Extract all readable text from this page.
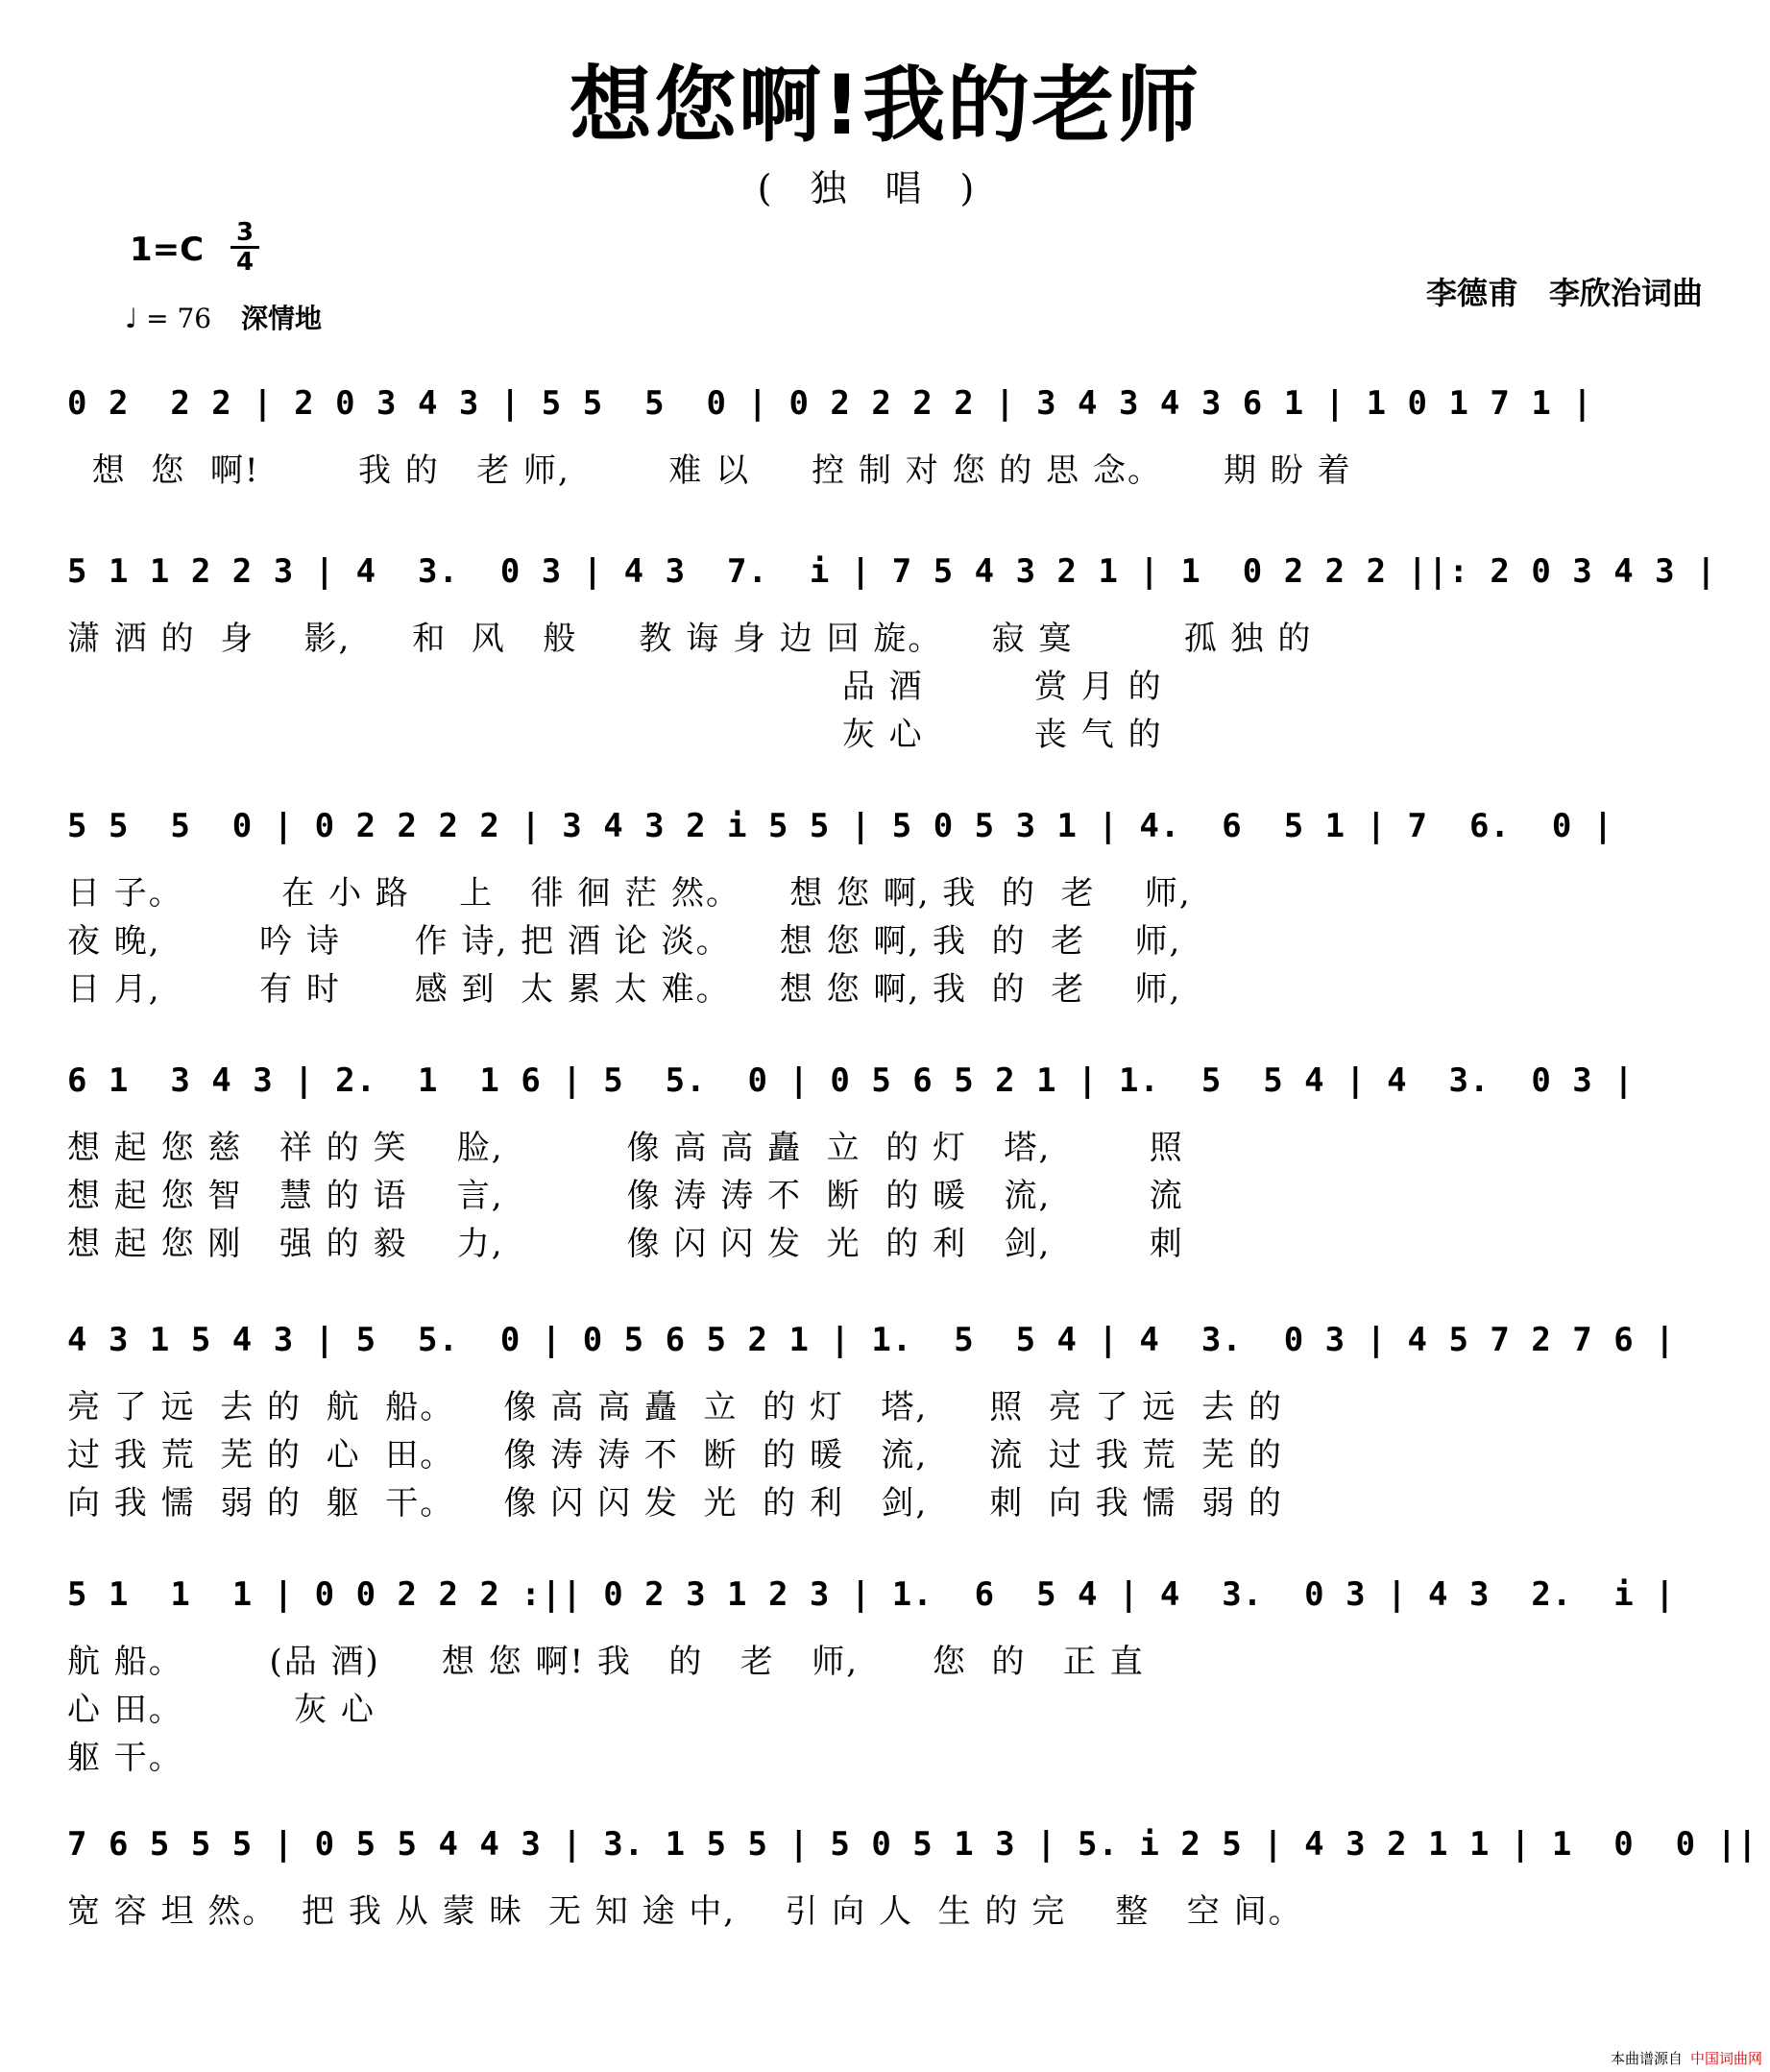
想您啊!我的老师
(独唱)
1=C 3
4
♩ = 76 深情地
李德甫　李欣治词曲
0 2  2 2 | 2 0 3 4 3 | 5 5  5  0 | 0 2 2 2 2 | 3 4 3 4 3 6 1 | 1 0 1 7 1 |
想  您  啊!        我 的   老 师,        难 以     控 制 对 您 的 思 念。     期 盼 着
5 1 1 2 2 3 | 4  3.  0 3 | 4 3  7.  i | 7 5 4 3 2 1 | 1  0 2 2 2 ||: 2 0 3 4 3 |
潇 洒 的  身    影,     和  风   般     教 诲 身 边 回 旋。    寂 寞         孤 独 的
品 酒         赏 月 的
灰 心         丧 气 的
5 5  5  0 | 0 2 2 2 2 | 3 4 3 2 i 5 5 | 5 0 5 3 1 | 4.  6  5 1 | 7  6.  0 |
日 子。        在 小 路    上   徘 徊 茫 然。    想 您 啊, 我  的  老    师,
夜 晚,        吟 诗      作 诗, 把 酒 论 淡。    想 您 啊, 我  的  老    师,
日 月,        有 时      感 到  太 累 太 难。    想 您 啊, 我  的  老    师,
6 1  3 4 3 | 2.  1  1 6 | 5  5.  0 | 0 5 6 5 2 1 | 1.  5  5 4 | 4  3.  0 3 |
想 起 您 慈   祥 的 笑    脸,          像 高 高 矗  立  的 灯   塔,        照
想 起 您 智   慧 的 语    言,          像 涛 涛 不  断  的 暖   流,        流
想 起 您 刚   强 的 毅    力,          像 闪 闪 发  光  的 利   剑,        刺
4 3 1 5 4 3 | 5  5.  0 | 0 5 6 5 2 1 | 1.  5  5 4 | 4  3.  0 3 | 4 5 7 2 7 6 |
亮 了 远  去 的  航  船。    像 高 高 矗  立  的 灯   塔,     照  亮 了 远  去 的
过 我 荒  芜 的  心  田。    像 涛 涛 不  断  的 暖   流,     流  过 我 荒  芜 的
向 我 懦  弱 的  躯  干。    像 闪 闪 发  光  的 利   剑,     刺  向 我 懦  弱 的
5 1  1  1 | 0 0 2 2 2 :|| 0 2 3 1 2 3 | 1.  6  5 4 | 4  3.  0 3 | 4 3  2.  i |
航 船。       (品 酒)     想 您 啊! 我   的   老   师,      您  的   正 直
心 田。         灰 心
躯 干。
7 6 5 5 5 | 0 5 5 4 4 3 | 3. 1 5 5 | 5 0 5 1 3 | 5. i 2 5 | 4 3 2 1 1 | 1  0  0 ||
宽 容 坦 然。  把 我 从 蒙 昧  无 知 途 中,    引 向 人  生 的 完    整   空 间。
本曲谱源自 中国词曲网
